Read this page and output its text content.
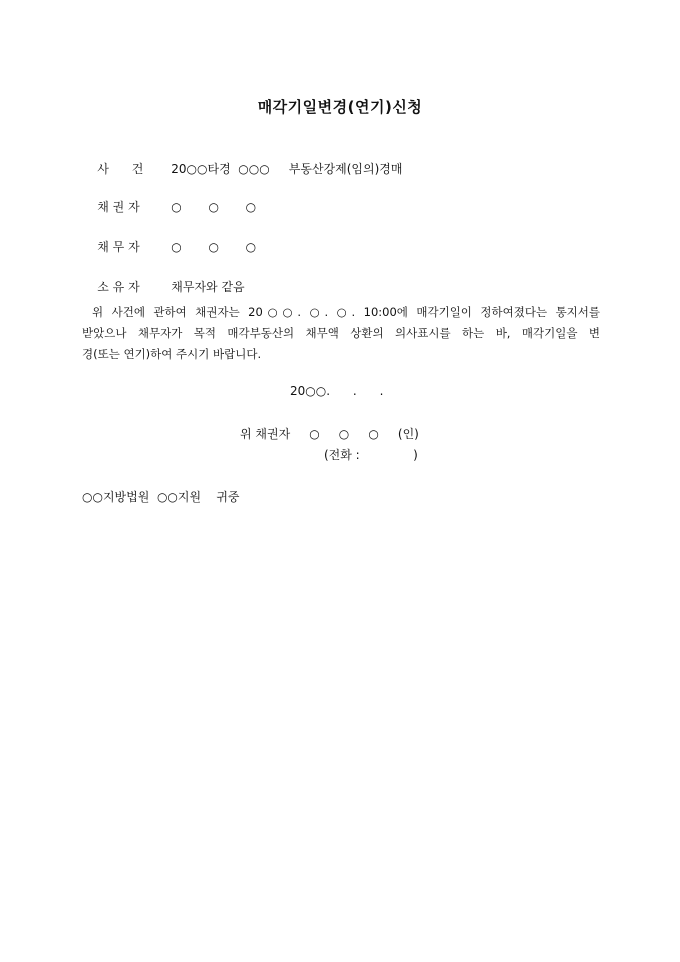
매각기일변경(연기)신청

사      건 20○○타경  ○○○     부동산강제(임의)경매

채 권 자	○       ○       ○

채 무 자	○       ○       ○

소 유 자	채무자와 같음

위 사건에 관하여 채권자는 20○○. ○. ○. 10:00에 매각기일이 정하여졌다는 통지서를
받았으나 채무자가 목적 매각부동산의 채무액 상환의 의사표시를 하는 바, 매각기일을 변
경(또는 연기)하여 주시기 바랍니다.
20○○.      .      .
위 채권자     ○     ○     ○     (인)
(전화 :              )
○○지방법원  ○○지원    귀중
